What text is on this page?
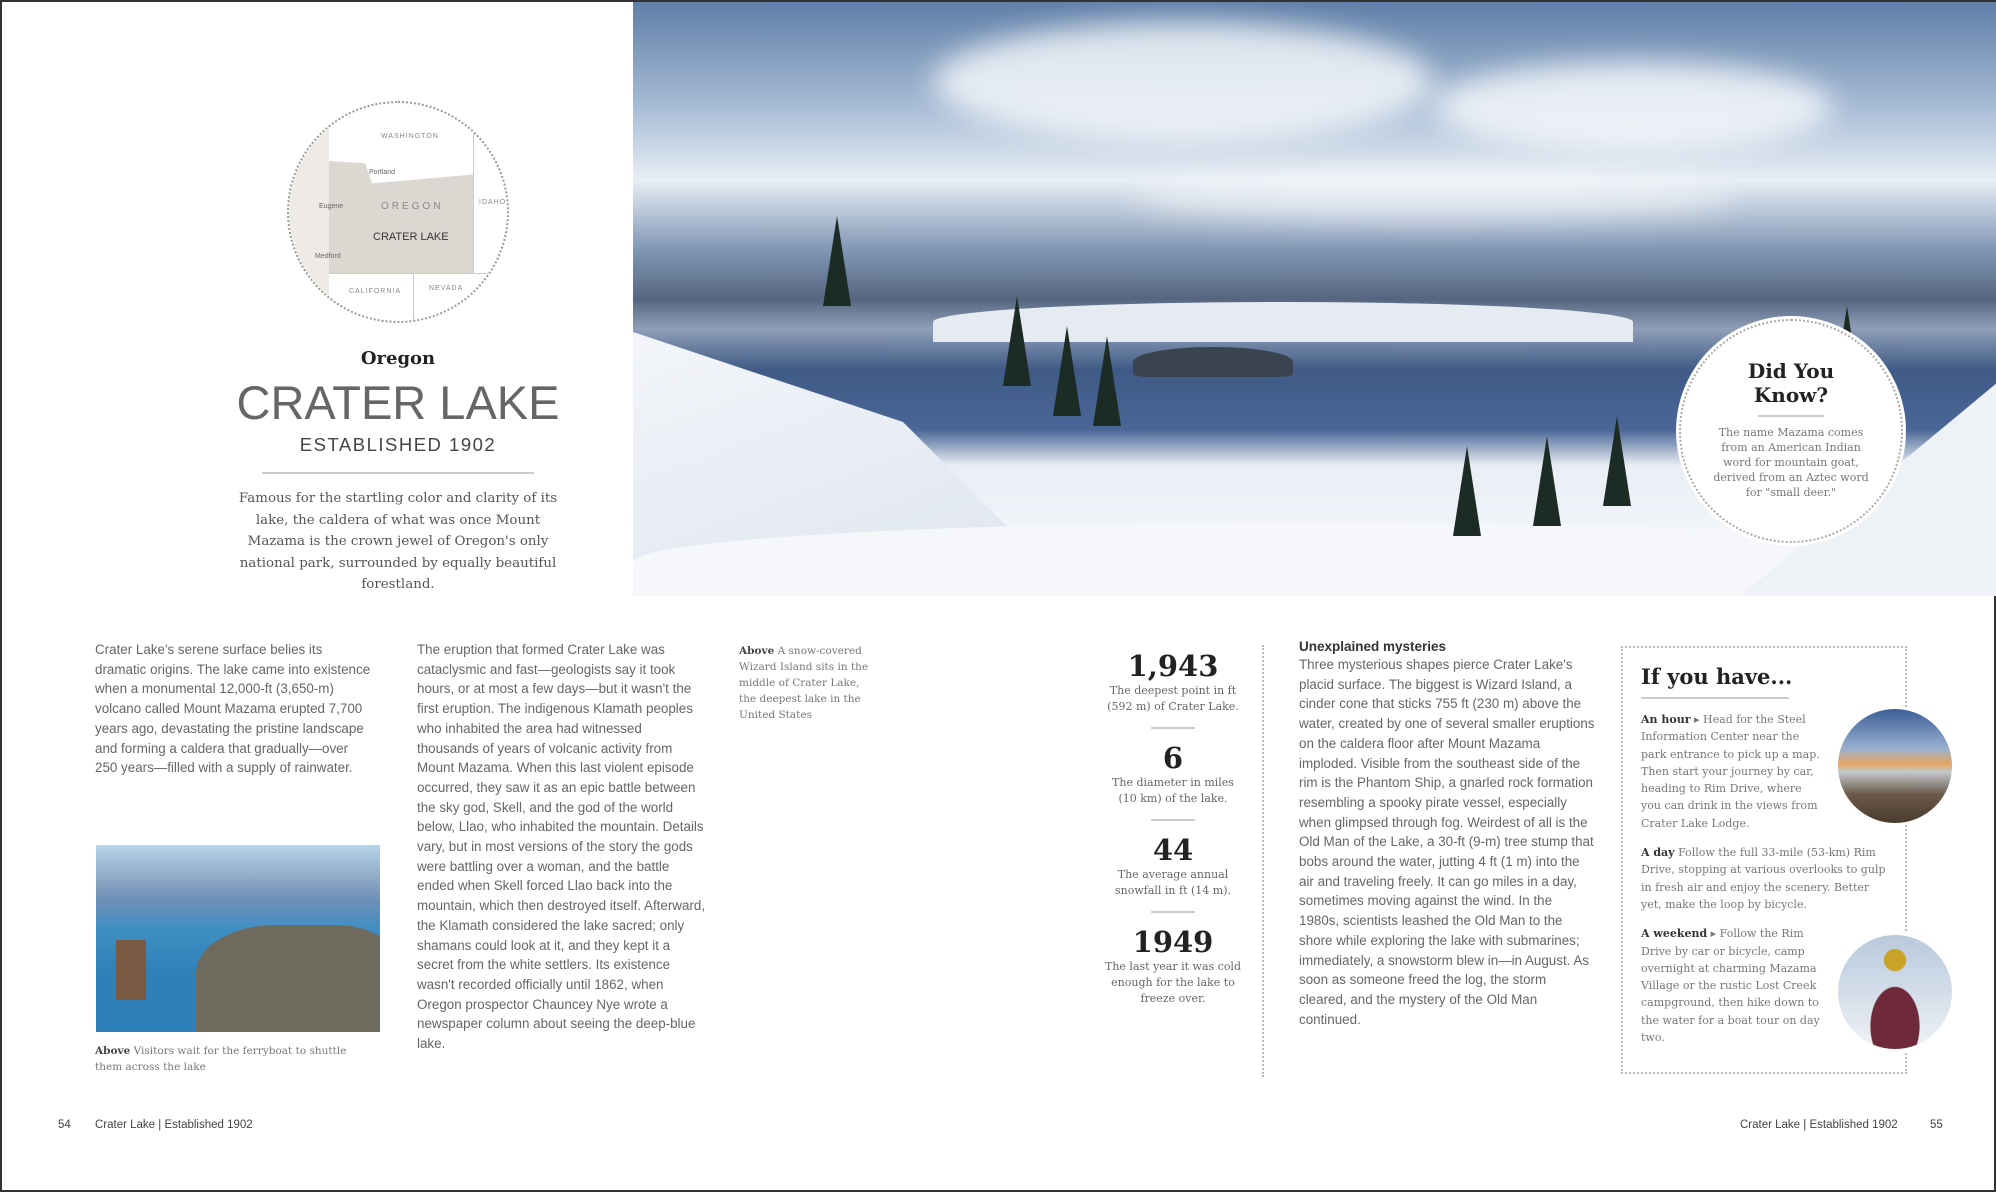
Did You Know?
The name Mazama comes from an American Indian word for mountain goat, derived from an Aztec word for "small deer."
WASHINGTON
Portland
Eugene	OREGON	IDAHO
CRATER LAKE
Medford
CALIFORNIA	NEVADA
Oregon
CRATER LAKE
ESTABLISHED 1902
Famous for the startling color and clarity of its lake, the caldera of what was once Mount Mazama is the crown jewel of Oregon's only national park, surrounded by equally beautiful forestland.
Crater Lake's serene surface belies its dramatic origins. The lake came into existence when a monumental 12,000-ft (3,650-m) volcano called Mount Mazama erupted 7,700 years ago, devastating the pristine landscape and forming a caldera that gradually—over 250 years—filled with a supply of rainwater.
Above Visitors wait for the ferryboat to shuttle them across the lake
The eruption that formed Crater Lake was cataclysmic and fast—geologists say it took hours, or at most a few days—but it wasn't the first eruption. The indigenous Klamath peoples who inhabited the area had witnessed thousands of years of volcanic activity from Mount Mazama. When this last violent episode occurred, they saw it as an epic battle between the sky god, Skell, and the god of the world below, Llao, who inhabited the mountain. Details vary, but in most versions of the story the gods were battling over a woman, and the battle ended when Skell forced Llao back into the mountain, which then destroyed itself. Afterward, the Klamath considered the lake sacred; only shamans could look at it, and they kept it a secret from the white settlers. Its existence wasn't recorded officially until 1862, when Oregon prospector Chauncey Nye wrote a newspaper column about seeing the deep-blue lake.
Above A snow-covered Wizard Island sits in the middle of Crater Lake, the deepest lake in the United States
1,943
The deepest point in ft (592 m) of Crater Lake.
6
The diameter in miles (10 km) of the lake.
44
The average annual snowfall in ft (14 m).
1949
The last year it was cold enough for the lake to freeze over.
Unexplained mysteries
Three mysterious shapes pierce Crater Lake's placid surface. The biggest is Wizard Island, a cinder cone that sticks 755 ft (230 m) above the water, created by one of several smaller eruptions on the caldera floor after Mount Mazama imploded. Visible from the southeast side of the rim is the Phantom Ship, a gnarled rock formation resembling a spooky pirate vessel, especially when glimpsed through fog. Weirdest of all is the Old Man of the Lake, a 30-ft (9-m) tree stump that bobs around the water, jutting 4 ft (1 m) into the air and traveling freely. It can go miles in a day, sometimes moving against the wind. In the 1980s, scientists leashed the Old Man to the shore while exploring the lake with submarines; immediately, a snowstorm blew in—in August. As soon as someone freed the log, the storm cleared, and the mystery of the Old Man continued.
If you have...

An hour ▸ Head for the Steel Information Center near the park entrance to pick up a map. Then start your journey by car, heading to Rim Drive, where you can drink in the views from Crater Lake Lodge.

A day Follow the full 33-mile (53-km) Rim Drive, stopping at various overlooks to gulp in fresh air and enjoy the scenery. Better yet, make the loop by bicycle.

A weekend ▸ Follow the Rim Drive by car or bicycle, camp overnight at charming Mazama Village or the rustic Lost Creek campground, then hike down to the water for a boat tour on day two.

54 Crater Lake | Established 1902	Crater Lake | Established 1902	55
